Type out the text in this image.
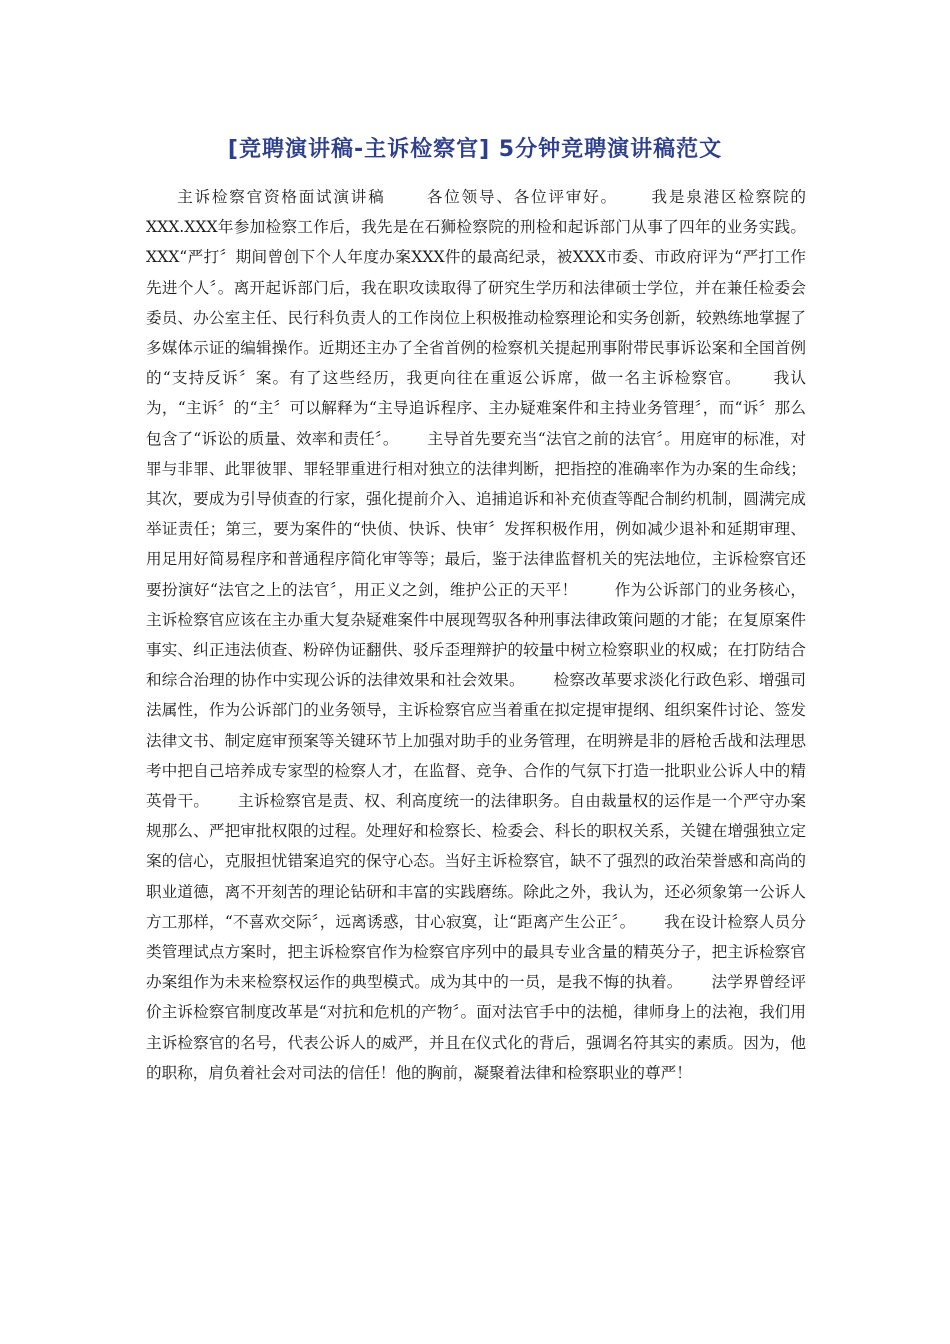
[竞聘演讲稿-主诉检察官] 5分钟竞聘演讲稿范文

主诉检察官资格面试演讲稿　　 各位领导、各位评审好。　　 我是泉港区检察院的XXX.XXX年参加检察工作后，我先是在石狮检察院的刑检和起诉部门从事了四年的业务实践。XXX“严打〞期间曾创下个人年度办案XXX件的最高纪录，被XXX市委、市政府评为“严打工作先进个人〞。离开起诉部门后，我在职攻读取得了研究生学历和法律硕士学位，并在兼任检委会委员、办公室主任、民行科负责人的工作岗位上积极推动检察理论和实务创新，较熟练地掌握了多媒体示证的编辑操作。近期还主办了全省首例的检察机关提起刑事附带民事诉讼案和全国首例的“支持反诉〞案。有了这些经历，我更向往在重返公诉席，做一名主诉检察官。　　 我认为，“主诉〞的“主〞可以解释为“主导追诉程序、主办疑难案件和主持业务管理〞，而“诉〞那么包含了“诉讼的质量、效率和责任〞。　　 主导首先要充当“法官之前的法官〞。用庭审的标准，对罪与非罪、此罪彼罪、罪轻罪重进行相对独立的法律判断，把指控的准确率作为办案的生命线；其次，要成为引导侦查的行家，强化提前介入、追捕追诉和补充侦查等配合制约机制，圆满完成举证责任；第三，要为案件的“快侦、快诉、快审〞发挥积极作用，例如减少退补和延期审理、用足用好简易程序和普通程序简化审等等；最后，鉴于法律监督机关的宪法地位，主诉检察官还要扮演好“法官之上的法官〞，用正义之剑，维护公正的天平！　　 作为公诉部门的业务核心，主诉检察官应该在主办重大复杂疑难案件中展现驾驭各种刑事法律政策问题的才能；在复原案件事实、纠正违法侦查、粉碎伪证翻供、驳斥歪理辩护的较量中树立检察职业的权威；在打防结合和综合治理的协作中实现公诉的法律效果和社会效果。　　 检察改革要求淡化行政色彩、增强司法属性，作为公诉部门的业务领导，主诉检察官应当着重在拟定提审提纲、组织案件讨论、签发法律文书、制定庭审预案等关键环节上加强对助手的业务管理，在明辨是非的唇枪舌战和法理思考中把自己培养成专家型的检察人才，在监督、竞争、合作的气氛下打造一批职业公诉人中的精英骨干。　　 主诉检察官是责、权、利高度统一的法律职务。自由裁量权的运作是一个严守办案规那么、严把审批权限的过程。处理好和检察长、检委会、科长的职权关系，关键在增强独立定案的信心，克服担忧错案追究的保守心态。当好主诉检察官，缺不了强烈的政治荣誉感和高尚的职业道德，离不开刻苦的理论钻研和丰富的实践磨练。除此之外，我认为，还必须象第一公诉人方工那样，“不喜欢交际〞，远离诱惑，甘心寂寞，让“距离产生公正〞。　　 我在设计检察人员分类管理试点方案时，把主诉检察官作为检察官序列中的最具专业含量的精英分子，把主诉检察官办案组作为未来检察权运作的典型模式。成为其中的一员，是我不悔的执着。　　 法学界曾经评价主诉检察官制度改革是“对抗和危机的产物〞。面对法官手中的法槌，律师身上的法袍，我们用主诉检察官的名号，代表公诉人的威严，并且在仪式化的背后，强调名符其实的素质。因为，他的职称，肩负着社会对司法的信任！他的胸前，凝聚着法律和检察职业的尊严！
